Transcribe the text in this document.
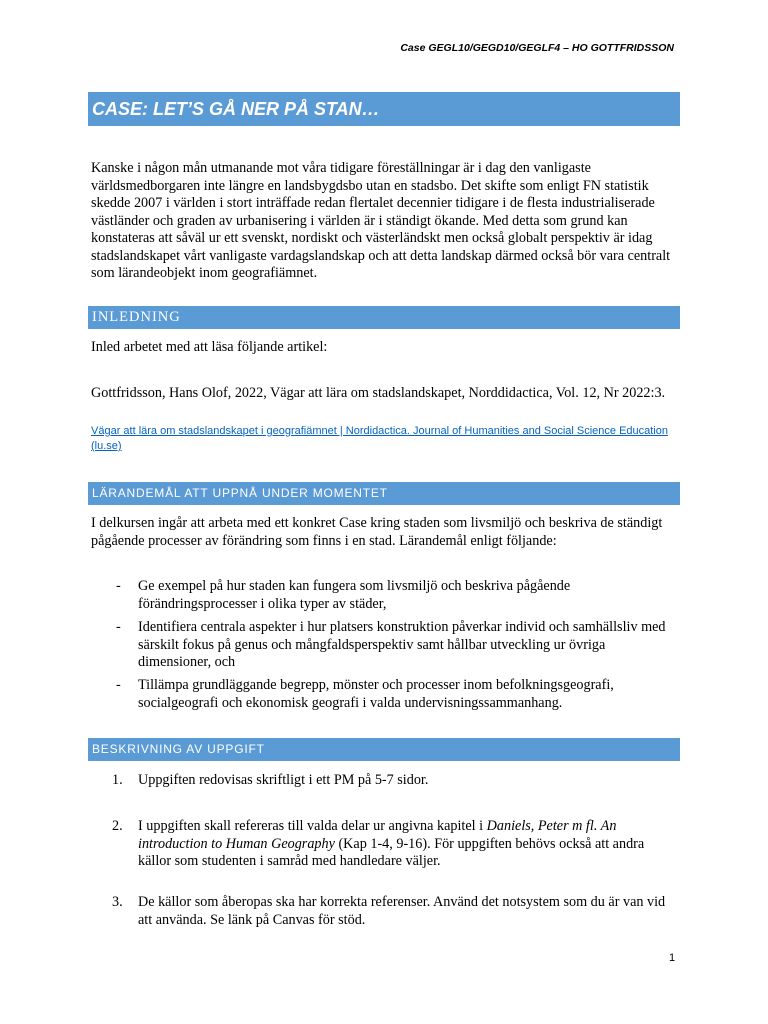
Case GEGL10/GEGD10/GEGLF4 – HO GOTTFRIDSSON
CASE: LET’S GÅ NER PÅ STAN…
Kanske i någon mån utmanande mot våra tidigare föreställningar är i dag den vanligaste världsmedborgaren inte längre en landsbygdsbo utan en stadsbo. Det skifte som enligt FN statistik skedde 2007 i världen i stort inträffade redan flertalet decennier tidigare i de flesta industrialiserade västländer och graden av urbanisering i världen är i ständigt ökande. Med detta som grund kan konstateras att såväl ur ett svenskt, nordiskt och västerländskt men också globalt perspektiv är idag stadslandskapet vårt vanligaste vardagslandskap och att detta landskap därmed också bör vara centralt som lärandeobjekt inom geografiämnet.
INLEDNING
Inled arbetet med att läsa följande artikel:
Gottfridsson, Hans Olof, 2022, Vägar att lära om stadslandskapet, Norddidactica, Vol. 12, Nr 2022:3.
Vägar att lära om stadslandskapet i geografiämnet | Nordidactica. Journal of Humanities and Social Science Education (lu.se)
LÄRANDEMÅL ATT UPPNÅ UNDER MOMENTET
I delkursen ingår att arbeta med ett konkret Case kring staden som livsmiljö och beskriva de ständigt pågående processer av förändring som finns i en stad. Lärandemål enligt följande:
- Ge exempel på hur staden kan fungera som livsmiljö och beskriva pågående förändringsprocesser i olika typer av städer,
- Identifiera centrala aspekter i hur platsers konstruktion påverkar individ och samhällsliv med särskilt fokus på genus och mångfaldsperspektiv samt hållbar utveckling ur övriga dimensioner, och
- Tillämpa grundläggande begrepp, mönster och processer inom befolkningsgeografi, socialgeografi och ekonomisk geografi i valda undervisningssammanhang.
BESKRIVNING AV UPPGIFT
1. Uppgiften redovisas skriftligt i ett PM på 5-7 sidor.
2. I uppgiften skall refereras till valda delar ur angivna kapitel i Daniels, Peter m fl. An introduction to Human Geography (Kap 1-4, 9-16). För uppgiften behövs också att andra källor som studenten i samråd med handledare väljer.
3. De källor som åberopas ska har korrekta referenser. Använd det notsystem som du är van vid att använda. Se länk på Canvas för stöd.
1
